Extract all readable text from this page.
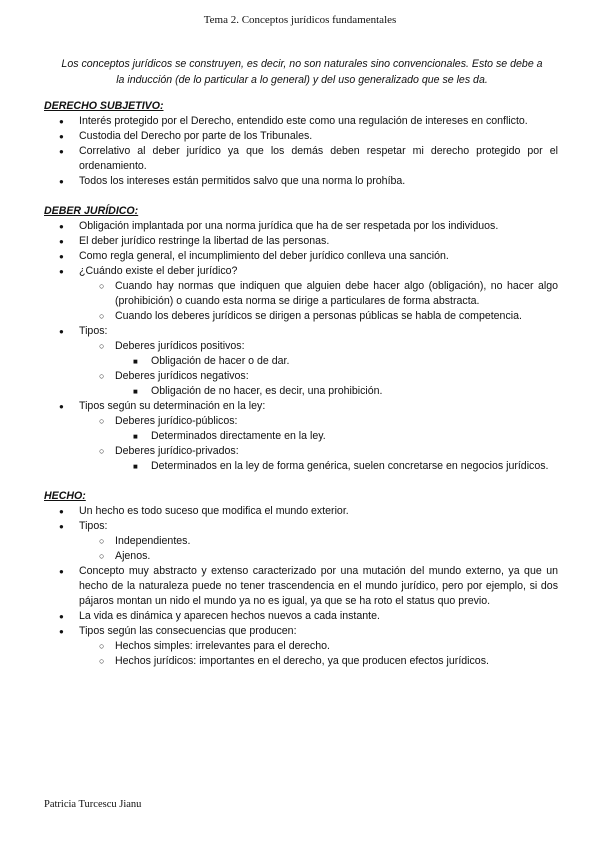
Tema 2. Conceptos jurídicos fundamentales
Los conceptos jurídicos se construyen, es decir, no son naturales sino convencionales. Esto se debe a
la inducción (de lo particular a lo general) y del uso generalizado que se les da.

DERECHO SUBJETIVO:

● Interés protegido por el Derecho, entendido este como una regulación de intereses en conflicto.
● Custodia del Derecho por parte de los Tribunales.
● Correlativo al deber jurídico ya que los demás deben respetar mi derecho protegido por el ordenamiento.
● Todos los intereses están permitidos salvo que una norma lo prohíba.

DEBER JURÍDICO:

● Obligación implantada por una norma jurídica que ha de ser respetada por los individuos.
● El deber jurídico restringe la libertad de las personas.
● Como regla general, el incumplimiento del deber jurídico conlleva una sanción.
● ¿Cuándo existe el deber jurídico?
○ Cuando hay normas que indiquen que alguien debe hacer algo (obligación), no hacer algo (prohibición) o cuando esta norma se dirige a particulares de forma abstracta.
○ Cuando los deberes jurídicos se dirigen a personas públicas se habla de competencia.
● Tipos:
○ Deberes jurídicos positivos:
■ Obligación de hacer o de dar.
○ Deberes jurídicos negativos:
■ Obligación de no hacer, es decir, una prohibición.
● Tipos según su determinación en la ley:
○ Deberes jurídico-públicos:
■ Determinados directamente en la ley.
○ Deberes jurídico-privados:
■ Determinados en la ley de forma genérica, suelen concretarse en negocios jurídicos.

HECHO:

● Un hecho es todo suceso que modifica el mundo exterior.
● Tipos:
○ Independientes.
○ Ajenos.
● Concepto muy abstracto y extenso caracterizado por una mutación del mundo externo, ya que un hecho de la naturaleza puede no tener trascendencia en el mundo jurídico, pero por ejemplo, si dos pájaros montan un nido el mundo ya no es igual, ya que se ha roto el status quo previo.
● La vida es dinámica y aparecen hechos nuevos a cada instante.
● Tipos según las consecuencias que producen:
○ Hechos simples: irrelevantes para el derecho.
○ Hechos jurídicos: importantes en el derecho, ya que producen efectos jurídicos.
Patricia Turcescu Jianu
